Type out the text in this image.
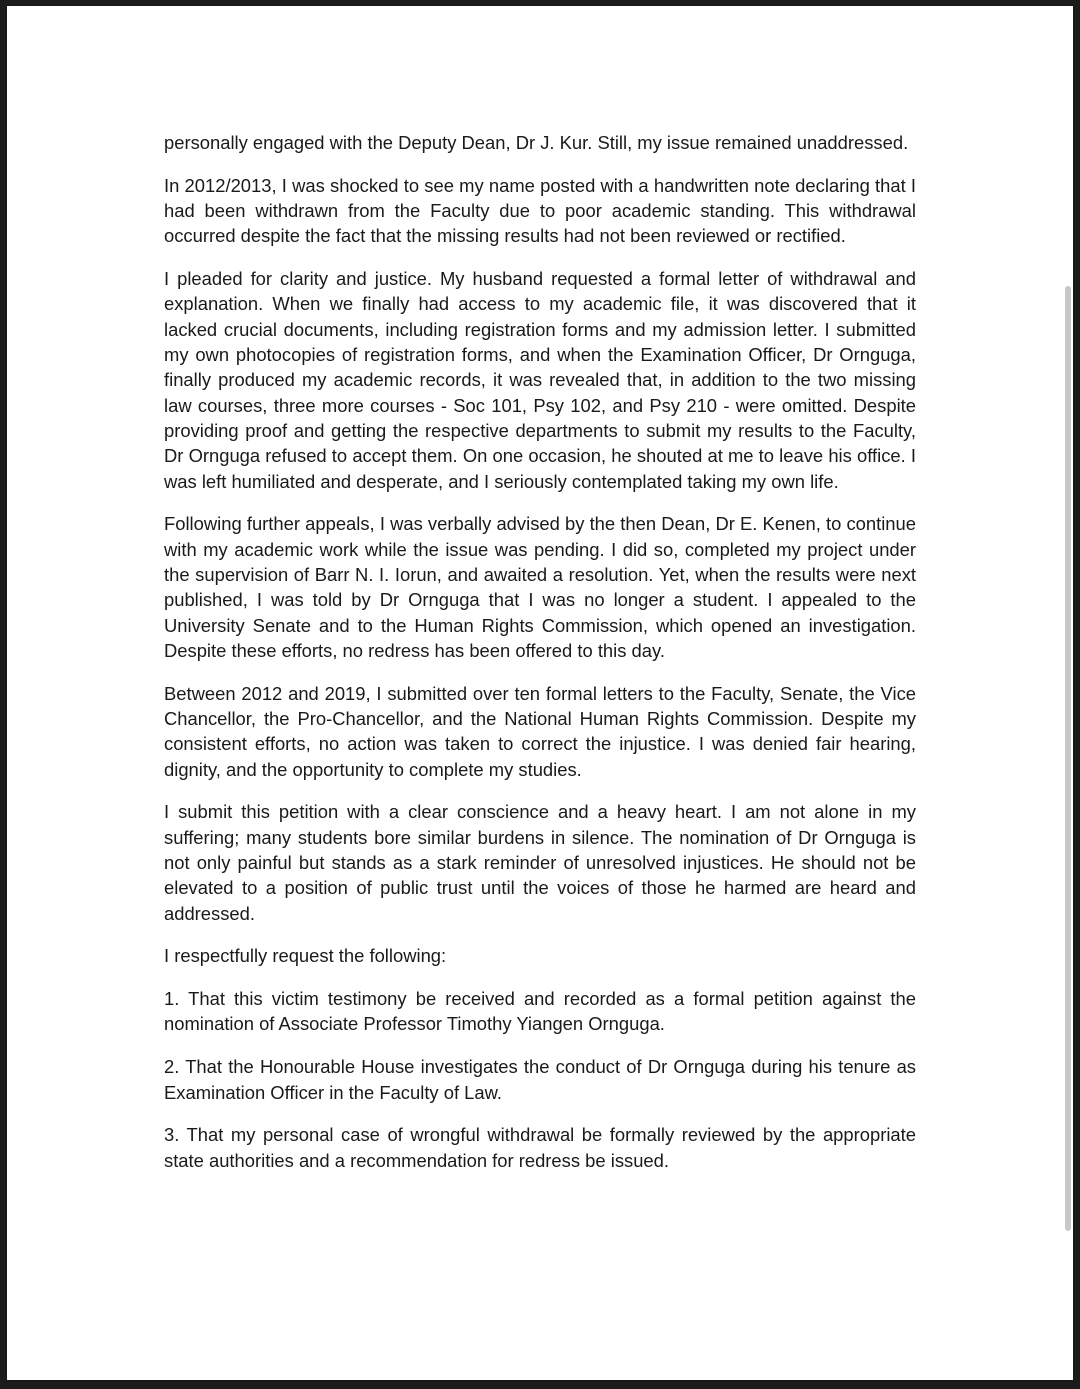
personally engaged with the Deputy Dean, Dr J. Kur. Still, my issue remained unaddressed.

In 2012/2013, I was shocked to see my name posted with a handwritten note declaring that I had been withdrawn from the Faculty due to poor academic standing. This withdrawal occurred despite the fact that the missing results had not been reviewed or rectified.

I pleaded for clarity and justice. My husband requested a formal letter of withdrawal and explanation. When we finally had access to my academic file, it was discovered that it lacked crucial documents, including registration forms and my admission letter. I submitted my own photocopies of registration forms, and when the Examination Officer, Dr Ornguga, finally produced my academic records, it was revealed that, in addition to the two missing law courses, three more courses - Soc 101, Psy 102, and Psy 210 - were omitted. Despite providing proof and getting the respective departments to submit my results to the Faculty, Dr Ornguga refused to accept them. On one occasion, he shouted at me to leave his office. I was left humiliated and desperate, and I seriously contemplated taking my own life.

Following further appeals, I was verbally advised by the then Dean, Dr E. Kenen, to continue with my academic work while the issue was pending. I did so, completed my project under the supervision of Barr N. I. Iorun, and awaited a resolution. Yet, when the results were next published, I was told by Dr Ornguga that I was no longer a student. I appealed to the University Senate and to the Human Rights Commission, which opened an investigation. Despite these efforts, no redress has been offered to this day.

Between 2012 and 2019, I submitted over ten formal letters to the Faculty, Senate, the Vice Chancellor, the Pro-Chancellor, and the National Human Rights Commission. Despite my consistent efforts, no action was taken to correct the injustice. I was denied fair hearing, dignity, and the opportunity to complete my studies.

I submit this petition with a clear conscience and a heavy heart. I am not alone in my suffering; many students bore similar burdens in silence. The nomination of Dr Ornguga is not only painful but stands as a stark reminder of unresolved injustices. He should not be elevated to a position of public trust until the voices of those he harmed are heard and addressed.

I respectfully request the following:

1. That this victim testimony be received and recorded as a formal petition against the nomination of Associate Professor Timothy Yiangen Ornguga.

2. That the Honourable House investigates the conduct of Dr Ornguga during his tenure as Examination Officer in the Faculty of Law.

3. That my personal case of wrongful withdrawal be formally reviewed by the appropriate state authorities and a recommendation for redress be issued.
